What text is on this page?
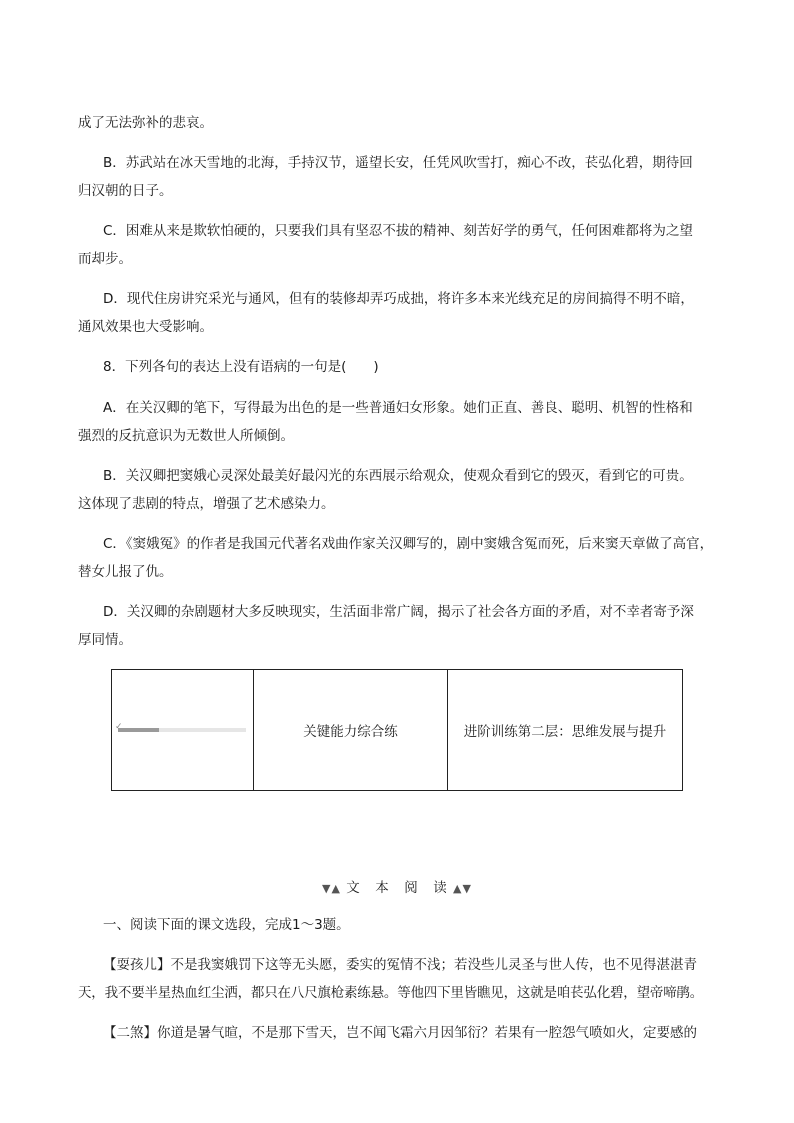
成了无法弥补的悲哀。

B．苏武站在冰天雪地的北海，手持汉节，遥望长安，任凭风吹雪打，痴心不改，苌弘化碧，期待回

归汉朝的日子。

C．困难从来是欺软怕硬的，只要我们具有坚忍不拔的精神、刻苦好学的勇气，任何困难都将为之望

而却步。

D．现代住房讲究采光与通风，但有的装修却弄巧成拙，将许多本来光线充足的房间搞得不明不暗，

通风效果也大受影响。

8．下列各句的表达上没有语病的一句是(　　)

A．在关汉卿的笔下，写得最为出色的是一些普通妇女形象。她们正直、善良、聪明、机智的性格和

强烈的反抗意识为无数世人所倾倒。

B．关汉卿把窦娥心灵深处最美好最闪光的东西展示给观众，使观众看到它的毁灭，看到它的可贵。

这体现了悲剧的特点，增强了艺术感染力。

C．《窦娥冤》的作者是我国元代著名戏曲作家关汉卿写的，剧中窦娥含冤而死，后来窦天章做了高官，

替女儿报了仇。

D．关汉卿的杂剧题材大多反映现实，生活面非常广阔，揭示了社会各方面的矛盾，对不幸者寄予深

厚同情。

✓	关键能力综合练	进阶训练第二层：思维发展与提升
▼▲ 文　本　阅　读 ▲▼

一、阅读下面的课文选段，完成1～3题。

【耍孩儿】不是我窦娥罚下这等无头愿，委实的冤情不浅；若没些儿灵圣与世人传，也不见得湛湛青

天，我不要半星热血红尘洒，都只在八尺旗枪素练悬。等他四下里皆瞧见，这就是咱苌弘化碧，望帝啼鹃。

【二煞】你道是暑气暄，不是那下雪天，岂不闻飞霜六月因邹衍？若果有一腔怨气喷如火，定要感的
